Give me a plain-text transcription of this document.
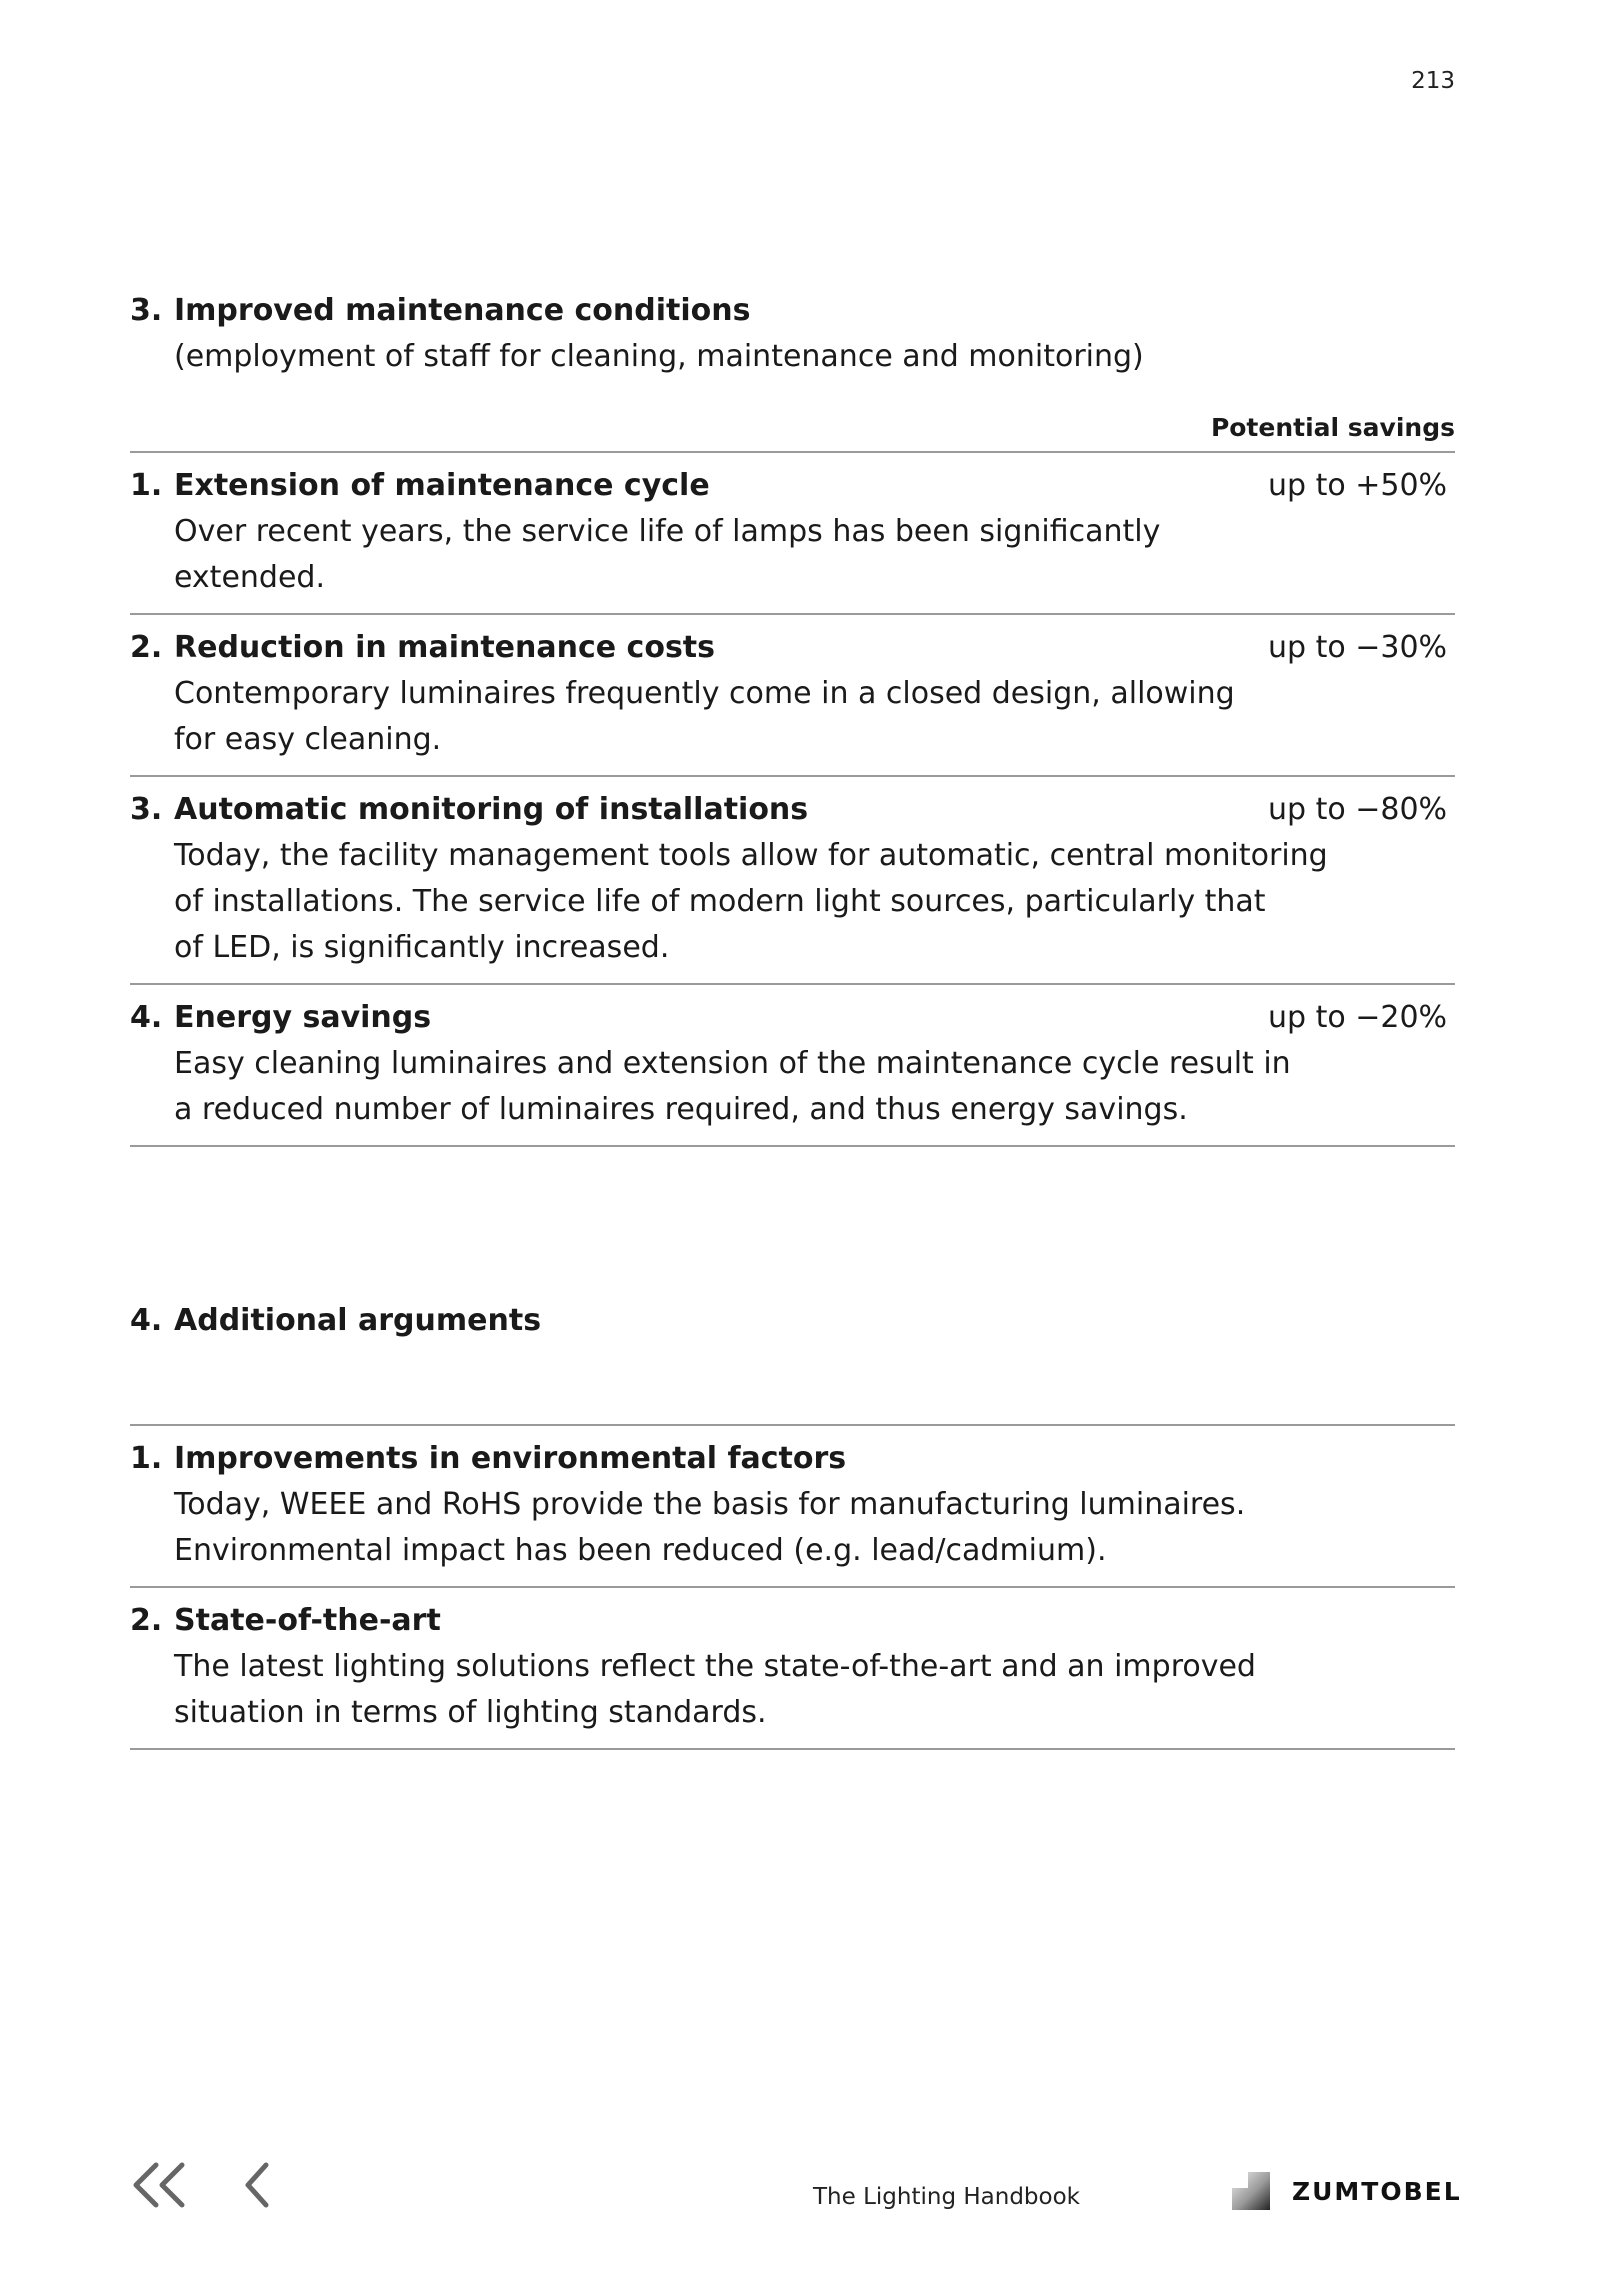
213
3. Improved maintenance conditions
(employment of staff for cleaning, maintenance and monitoring)
Potential savings
1. Extension of maintenance cycle
Over recent years, the service life of lamps has been significantly
extended.
up to +50%
2. Reduction in maintenance costs
Contemporary luminaires frequently come in a closed design, allowing
for easy cleaning.
up to −30%
3. Automatic monitoring of installations
Today, the facility management tools allow for automatic, central monitoring
of installations. The service life of modern light sources, particularly that
of LED, is significantly increased.
up to −80%
4. Energy savings
Easy cleaning luminaires and extension of the maintenance cycle result in
a reduced number of luminaires required, and thus energy savings.
up to −20%
4. Additional arguments
1. Improvements in environmental factors
Today, WEEE and RoHS provide the basis for manufacturing luminaires.
Environmental impact has been reduced (e.g. lead/cadmium).
2. State-of-the-art
The latest lighting solutions reflect the state-of-the-art and an improved
situation in terms of lighting standards.
The Lighting Handbook	ZUMTOBEL
